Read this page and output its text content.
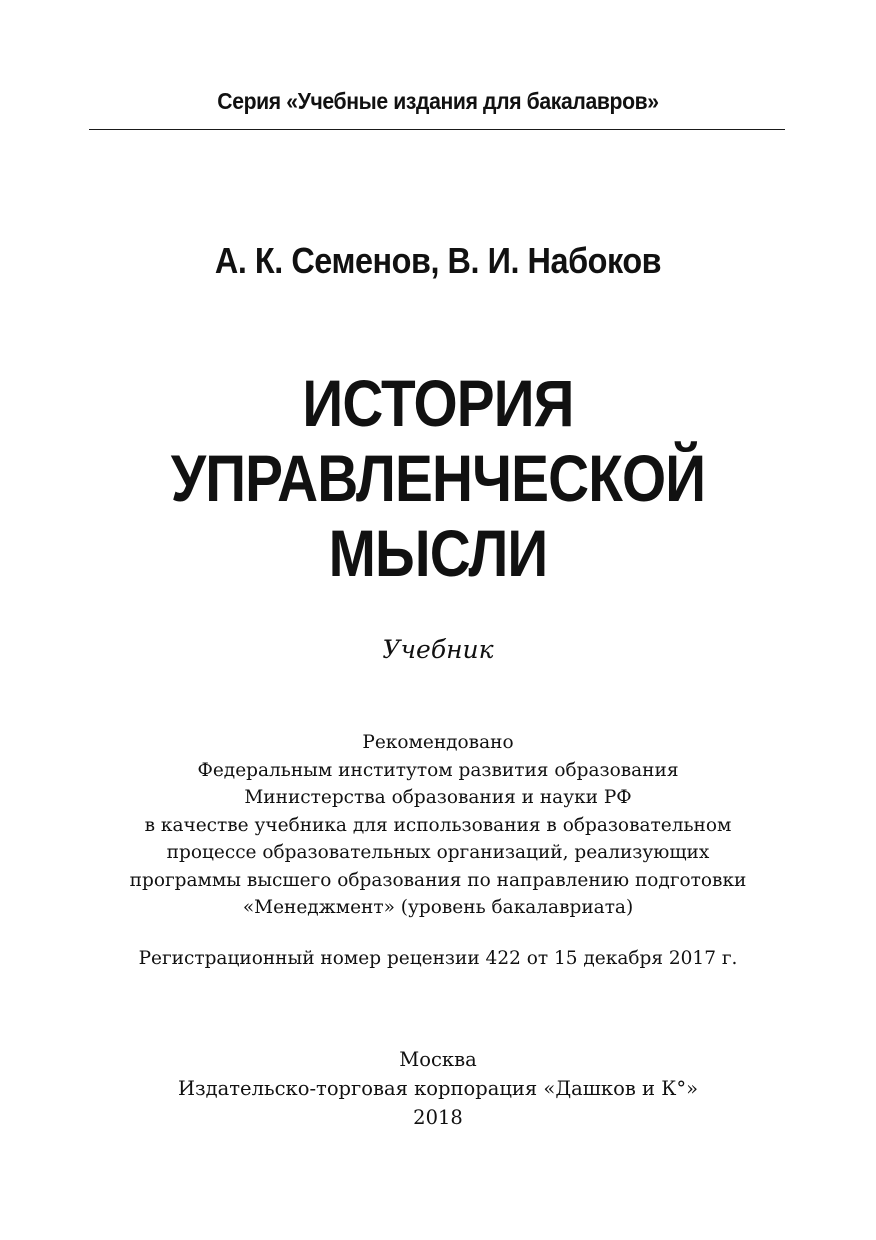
Серия «Учебные издания для бакалавров»
А. К. Семенов, В. И. Набоков
ИСТОРИЯ
УПРАВЛЕНЧЕСКОЙ
МЫСЛИ
Учебник
Рекомендовано
Федеральным институтом развития образования
Министерства образования и науки РФ
в качестве учебника для использования в образовательном
процессе образовательных организаций, реализующих
программы высшего образования по направлению подготовки
«Менеджмент» (уровень бакалавриата)
Регистрационный номер рецензии 422 от 15 декабря 2017 г.
Москва
Издательско-торговая корпорация «Дашков и К°»
2018
